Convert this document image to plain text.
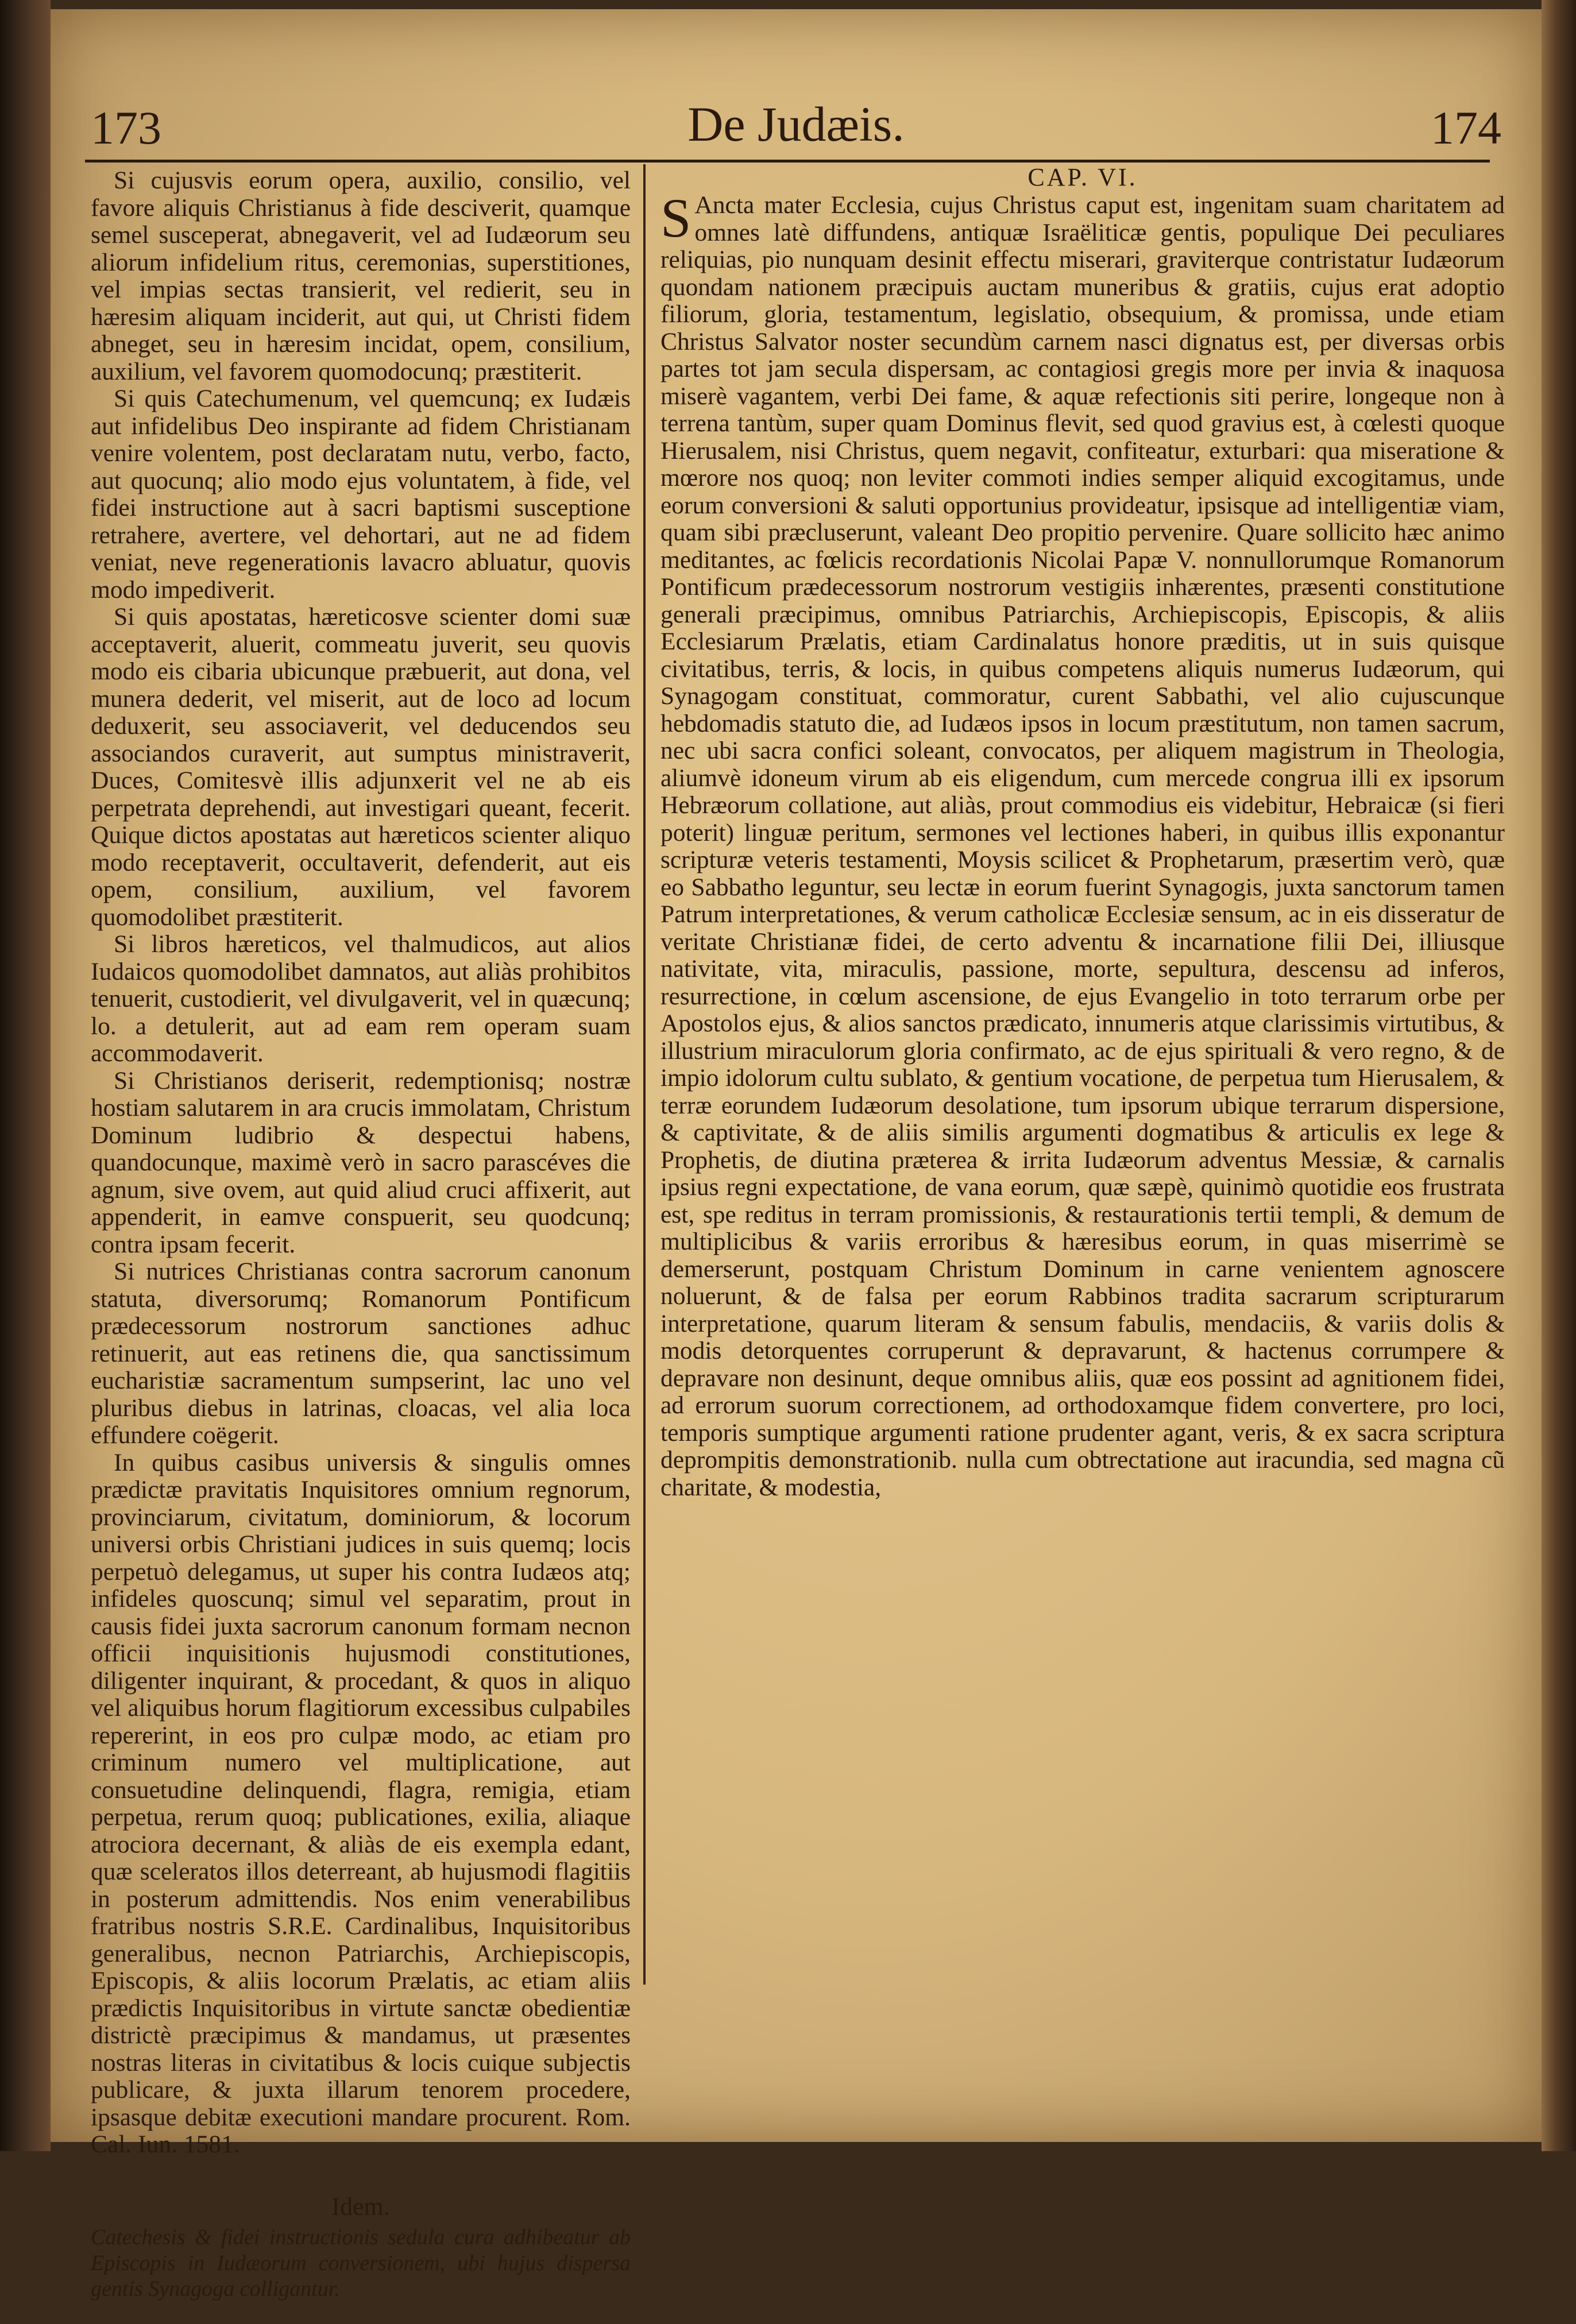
173	De Judæis.	174

Si cujusvis eorum opera, auxilio, consilio, vel favore aliquis Christianus à fide desciverit, quamque semel susceperat, abnegaverit, vel ad Iudæorum seu aliorum infidelium ritus, ceremonias, superstitiones, vel impias sectas transierit, vel redierit, seu in hæresim aliquam inciderit, aut qui, ut Christi fidem abneget, seu in hæresim incidat, opem, consilium, auxilium, vel favorem quomodocunq; præstiterit.

Si quis Catechumenum, vel quemcunq; ex Iudæis aut infidelibus Deo inspirante ad fidem Christianam venire volentem, post declaratam nutu, verbo, facto, aut quocunq; alio modo ejus voluntatem, à fide, vel fidei instructione aut à sacri baptismi susceptione retrahere, avertere, vel dehortari, aut ne ad fidem veniat, neve regenerationis lavacro abluatur, quovis modo impediverit.

Si quis apostatas, hæreticosve scienter domi suæ acceptaverit, aluerit, commeatu juverit, seu quovis modo eis cibaria ubicunque præbuerit, aut dona, vel munera dederit, vel miserit, aut de loco ad locum deduxerit, seu associaverit, vel deducendos seu associandos curaverit, aut sumptus ministraverit, Duces, Comitesvè illis adjunxerit vel ne ab eis perpetrata deprehendi, aut investigari queant, fecerit. Quique dictos apostatas aut hæreticos scienter aliquo modo receptaverit, occultaverit, defenderit, aut eis opem, consilium, auxilium, vel favorem quomodolibet præstiterit.

Si libros hæreticos, vel thalmudicos, aut alios Iudaicos quomodolibet damnatos, aut aliàs prohibitos tenuerit, custodierit, vel divulgaverit, vel in quæcunq; lo. a detulerit, aut ad eam rem operam suam accommodaverit.

Si Christianos deriserit, redemptionisq; nostræ hostiam salutarem in ara crucis immolatam, Christum Dominum ludibrio & despectui habens, quandocunque, maximè verò in sacro parascéves die agnum, sive ovem, aut quid aliud cruci affixerit, aut appenderit, in eamve conspuerit, seu quodcunq; contra ipsam fecerit.

Si nutrices Christianas contra sacrorum canonum statuta, diversorumq; Romanorum Pontificum prædecessorum nostrorum sanctiones adhuc retinuerit, aut eas retinens die, qua sanctissimum eucharistiæ sacramentum sumpserint, lac uno vel pluribus diebus in latrinas, cloacas, vel alia loca effundere coëgerit.

In quibus casibus universis & singulis omnes prædictæ pravitatis Inquisitores omnium regnorum, provinciarum, civitatum, dominiorum, & locorum universi orbis Christiani judices in suis quemq; locis perpetuò delegamus, ut super his contra Iudæos atq; infideles quoscunq; simul vel separatim, prout in causis fidei juxta sacrorum canonum formam necnon officii inquisitionis hujusmodi constitutiones, diligenter inquirant, & procedant, & quos in aliquo vel aliquibus horum flagitiorum excessibus culpabiles repererint, in eos pro culpæ modo, ac etiam pro criminum numero vel multiplicatione, aut consuetudine delinquendi, flagra, remigia, etiam perpetua, rerum quoq; publicationes, exilia, aliaque atrociora decernant, & aliàs de eis exempla edant, quæ sceleratos illos deterreant, ab hujusmodi flagitiis in posterum admittendis. Nos enim venerabilibus fratribus nostris S.R.E. Cardinalibus, Inquisitoribus generalibus, necnon Patriarchis, Archiepiscopis, Episcopis, & aliis locorum Prælatis, ac etiam aliis prædictis Inquisitoribus in virtute sanctæ obedientiæ districtè præcipimus & mandamus, ut præsentes nostras literas in civitatibus & locis cuique subjectis publicare, & juxta illarum tenorem procedere, ipsasque debitæ executioni mandare procurent. Rom. Cal. Iun. 1581.

Idem.

Catechesis & fidei instructionis sedula cura adhibeatur ab Episcopis in Iudæorum conversionem, ubi hujus dispersa gentis Synagoga colligantur.

CAP. VI.

S Ancta mater Ecclesia, cujus Christus caput est, ingenitam suam charitatem ad omnes latè diffundens, antiquæ Israëliticæ gentis, populique Dei peculiares reliquias, pio nunquam desinit effectu miserari, graviterque contristatur Iudæorum quondam nationem præcipuis auctam muneribus & gratiis, cujus erat adoptio filiorum, gloria, testamentum, legislatio, obsequium, & promissa, unde etiam Christus Salvator noster secundùm carnem nasci dignatus est, per diversas orbis partes tot jam secula dispersam, ac contagiosi gregis more per invia & inaquosa miserè vagantem, verbi Dei fame, & aquæ refectionis siti perire, longeque non à terrena tantùm, super quam Dominus flevit, sed quod gravius est, à cœlesti quoque Hierusalem, nisi Christus, quem negavit, confiteatur, exturbari: qua miseratione & mœrore nos quoq; non leviter commoti indies semper aliquid excogitamus, unde eorum conversioni & saluti opportunius provideatur, ipsisque ad intelligentiæ viam, quam sibi præcluserunt, valeant Deo propitio pervenire. Quare sollicito hæc animo meditantes, ac fœlicis recordationis Nicolai Papæ V. nonnullorumque Romanorum Pontificum prædecessorum nostrorum vestigiis inhærentes, præsenti constitutione generali præcipimus, omnibus Patriarchis, Archiepiscopis, Episcopis, & aliis Ecclesiarum Prælatis, etiam Cardinalatus honore præditis, ut in suis quisque civitatibus, terris, & locis, in quibus competens aliquis numerus Iudæorum, qui Synagogam constituat, commoratur, curent Sabbathi, vel alio cujuscunque hebdomadis statuto die, ad Iudæos ipsos in locum præstitutum, non tamen sacrum, nec ubi sacra confici soleant, convocatos, per aliquem magistrum in Theologia, aliumvè idoneum virum ab eis eligendum, cum mercede congrua illi ex ipsorum Hebræorum collatione, aut aliàs, prout commodius eis videbitur, Hebraicæ (si fieri poterit) linguæ peritum, sermones vel lectiones haberi, in quibus illis exponantur scripturæ veteris testamenti, Moysis scilicet & Prophetarum, præsertim verò, quæ eo Sabbatho leguntur, seu lectæ in eorum fuerint Synagogis, juxta sanctorum tamen Patrum interpretationes, & verum catholicæ Ecclesiæ sensum, ac in eis disseratur de veritate Christianæ fidei, de certo adventu & incarnatione filii Dei, illiusque nativitate, vita, miraculis, passione, morte, sepultura, descensu ad inferos, resurrectione, in cœlum ascensione, de ejus Evangelio in toto terrarum orbe per Apostolos ejus, & alios sanctos prædicato, innumeris atque clarissimis virtutibus, & illustrium miraculorum gloria confirmato, ac de ejus spirituali & vero regno, & de impio idolorum cultu sublato, & gentium vocatione, de perpetua tum Hierusalem, & terræ eorundem Iudæorum desolatione, tum ipsorum ubique terrarum dispersione, & captivitate, & de aliis similis argumenti dogmatibus & articulis ex lege & Prophetis, de diutina præterea & irrita Iudæorum adventus Messiæ, & carnalis ipsius regni expectatione, de vana eorum, quæ sæpè, quinimò quotidie eos frustrata est, spe reditus in terram promissionis, & restaurationis tertii templi, & demum de multiplicibus & variis erroribus & hæresibus eorum, in quas miserrimè se demerserunt, postquam Christum Dominum in carne venientem agnoscere noluerunt, & de falsa per eorum Rabbinos tradita sacrarum scripturarum interpretatione, quarum literam & sensum fabulis, mendaciis, & variis dolis & modis detorquentes corruperunt & depravarunt, & hactenus corrumpere & depravare non desinunt, deque omnibus aliis, quæ eos possint ad agnitionem fidei, ad errorum suorum correctionem, ad orthodoxamque fidem convertere, pro loci, temporis sumptique argumenti ratione prudenter agant, veris, & ex sacra scriptura deprompitis demonstrationib. nulla cum obtrectatione aut iracundia, sed magna cũ charitate, & modestia,
